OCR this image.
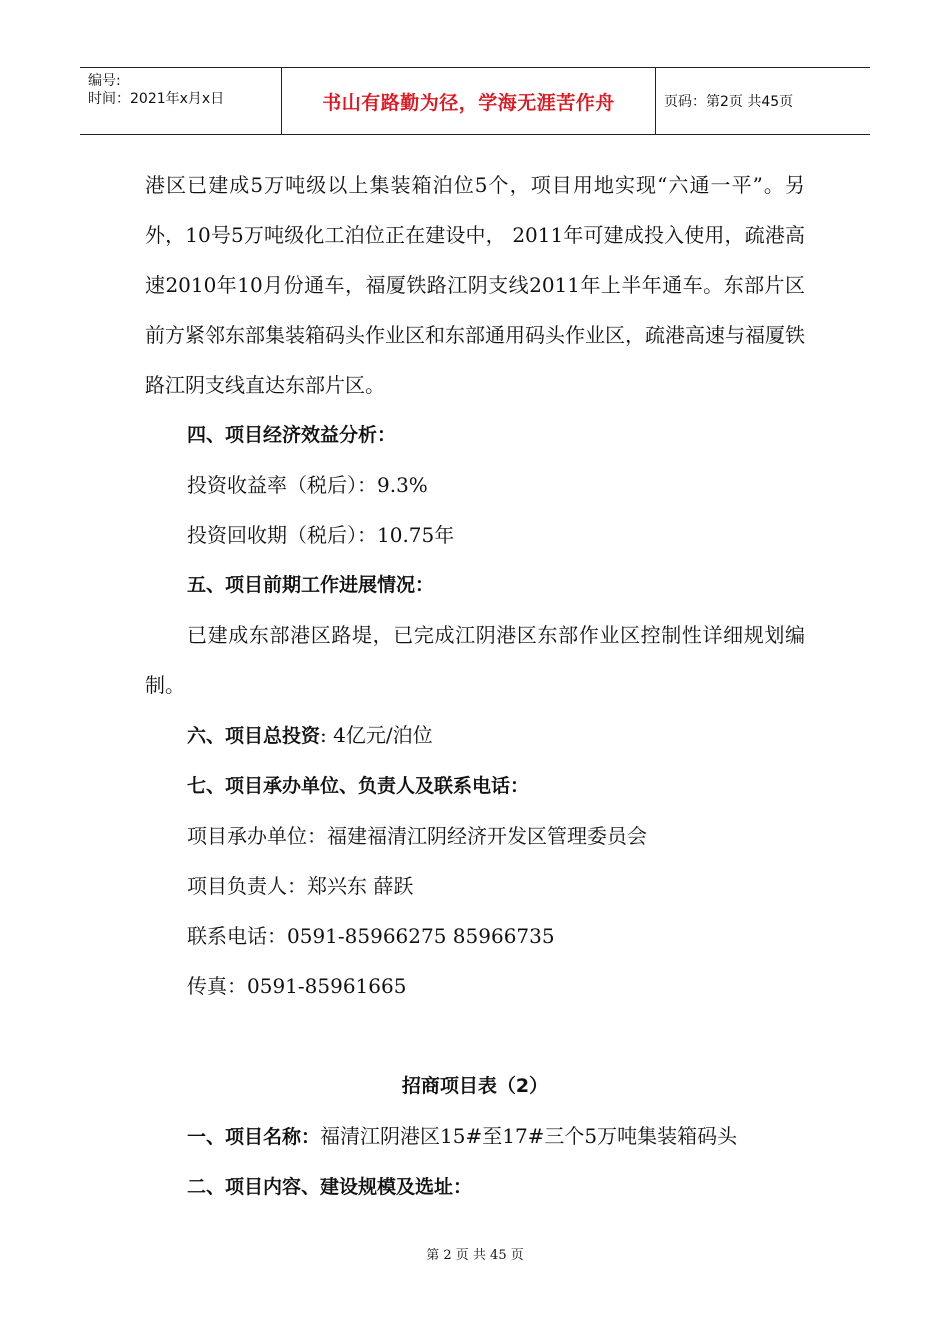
编号:
时间：2021年x月x日	书山有路勤为径，学海无涯苦作舟	页码：第2页 共45页

港区已建成5万吨级以上集装箱泊位5个，项目用地实现“六通一平”。另外，10号5万吨级化工泊位正在建设中， 2011年可建成投入使用，疏港高速2010年10月份通车，福厦铁路江阴支线2011年上半年通车。东部片区前方紧邻东部集装箱码头作业区和东部通用码头作业区，疏港高速与福厦铁路江阴支线直达东部片区。

四、项目经济效益分析：

投资收益率（税后）：9.3%

投资回收期（税后）：10.75年

五、项目前期工作进展情况：

已建成东部港区路堤，已完成江阴港区东部作业区控制性详细规划编制。

六、项目总投资: 4亿元/泊位

七、项目承办单位、负责人及联系电话：

项目承办单位：福建福清江阴经济开发区管理委员会

项目负责人：郑兴东 薛跃

联系电话：0591-85966275 85966735

传真：0591-85961665

招商项目表（2）

一、项目名称：福清江阴港区15#至17#三个5万吨集装箱码头

二、项目内容、建设规模及选址：

第 2 页 共 45 页
